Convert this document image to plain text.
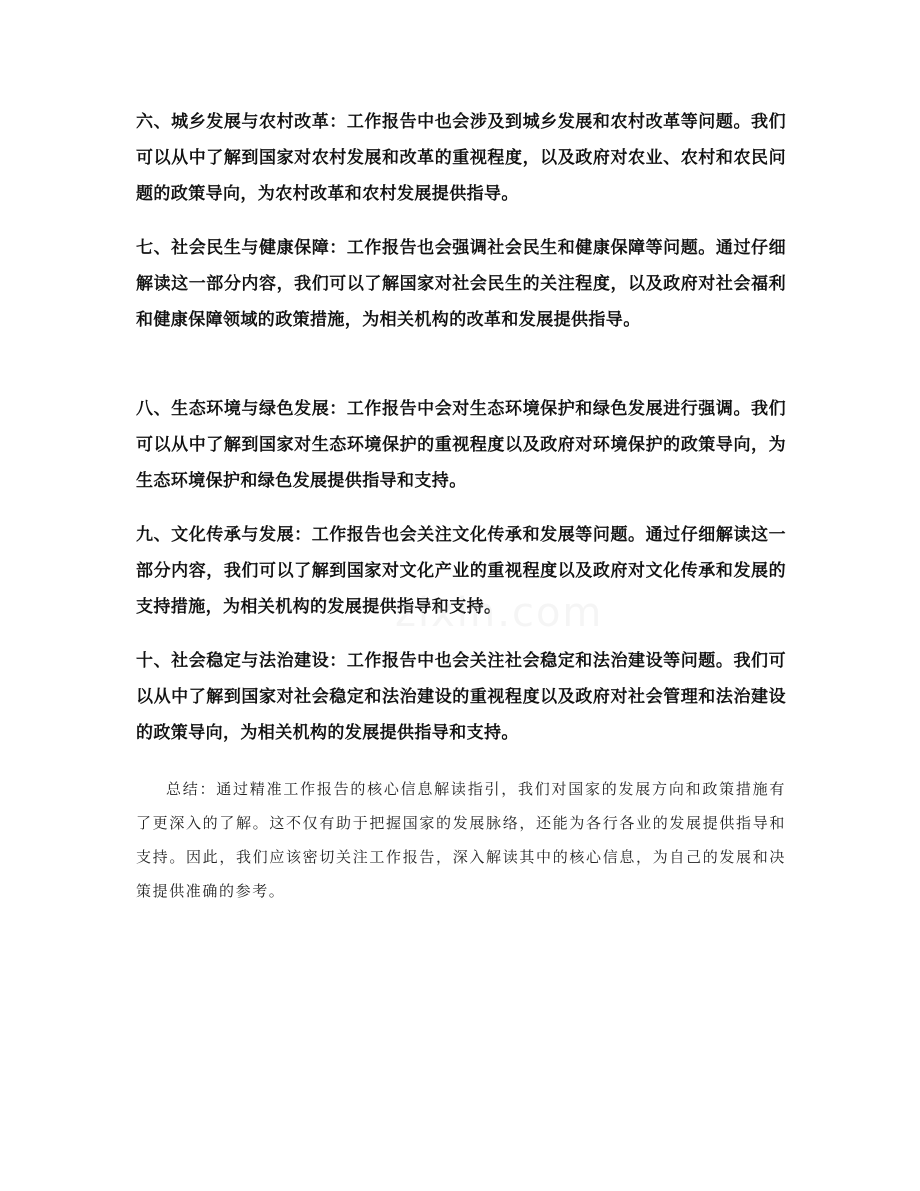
六、城乡发展与农村改革：工作报告中也会涉及到城乡发展和农村改革等问题。我们可以从中了解到国家对农村发展和改革的重视程度，以及政府对农业、农村和农民问题的政策导向，为农村改革和农村发展提供指导。

七、社会民生与健康保障：工作报告也会强调社会民生和健康保障等问题。通过仔细解读这一部分内容，我们可以了解国家对社会民生的关注程度，以及政府对社会福利和健康保障领域的政策措施，为相关机构的改革和发展提供指导。

八、生态环境与绿色发展：工作报告中会对生态环境保护和绿色发展进行强调。我们可以从中了解到国家对生态环境保护的重视程度以及政府对环境保护的政策导向，为生态环境保护和绿色发展提供指导和支持。

九、文化传承与发展：工作报告也会关注文化传承和发展等问题。通过仔细解读这一部分内容，我们可以了解到国家对文化产业的重视程度以及政府对文化传承和发展的支持措施，为相关机构的发展提供指导和支持。

十、社会稳定与法治建设：工作报告中也会关注社会稳定和法治建设等问题。我们可以从中了解到国家对社会稳定和法治建设的重视程度以及政府对社会管理和法治建设的政策导向，为相关机构的发展提供指导和支持。

总结：通过精准工作报告的核心信息解读指引，我们对国家的发展方向和政策措施有了更深入的了解。这不仅有助于把握国家的发展脉络，还能为各行各业的发展提供指导和支持。因此，我们应该密切关注工作报告，深入解读其中的核心信息，为自己的发展和决策提供准确的参考。

zixin.com
